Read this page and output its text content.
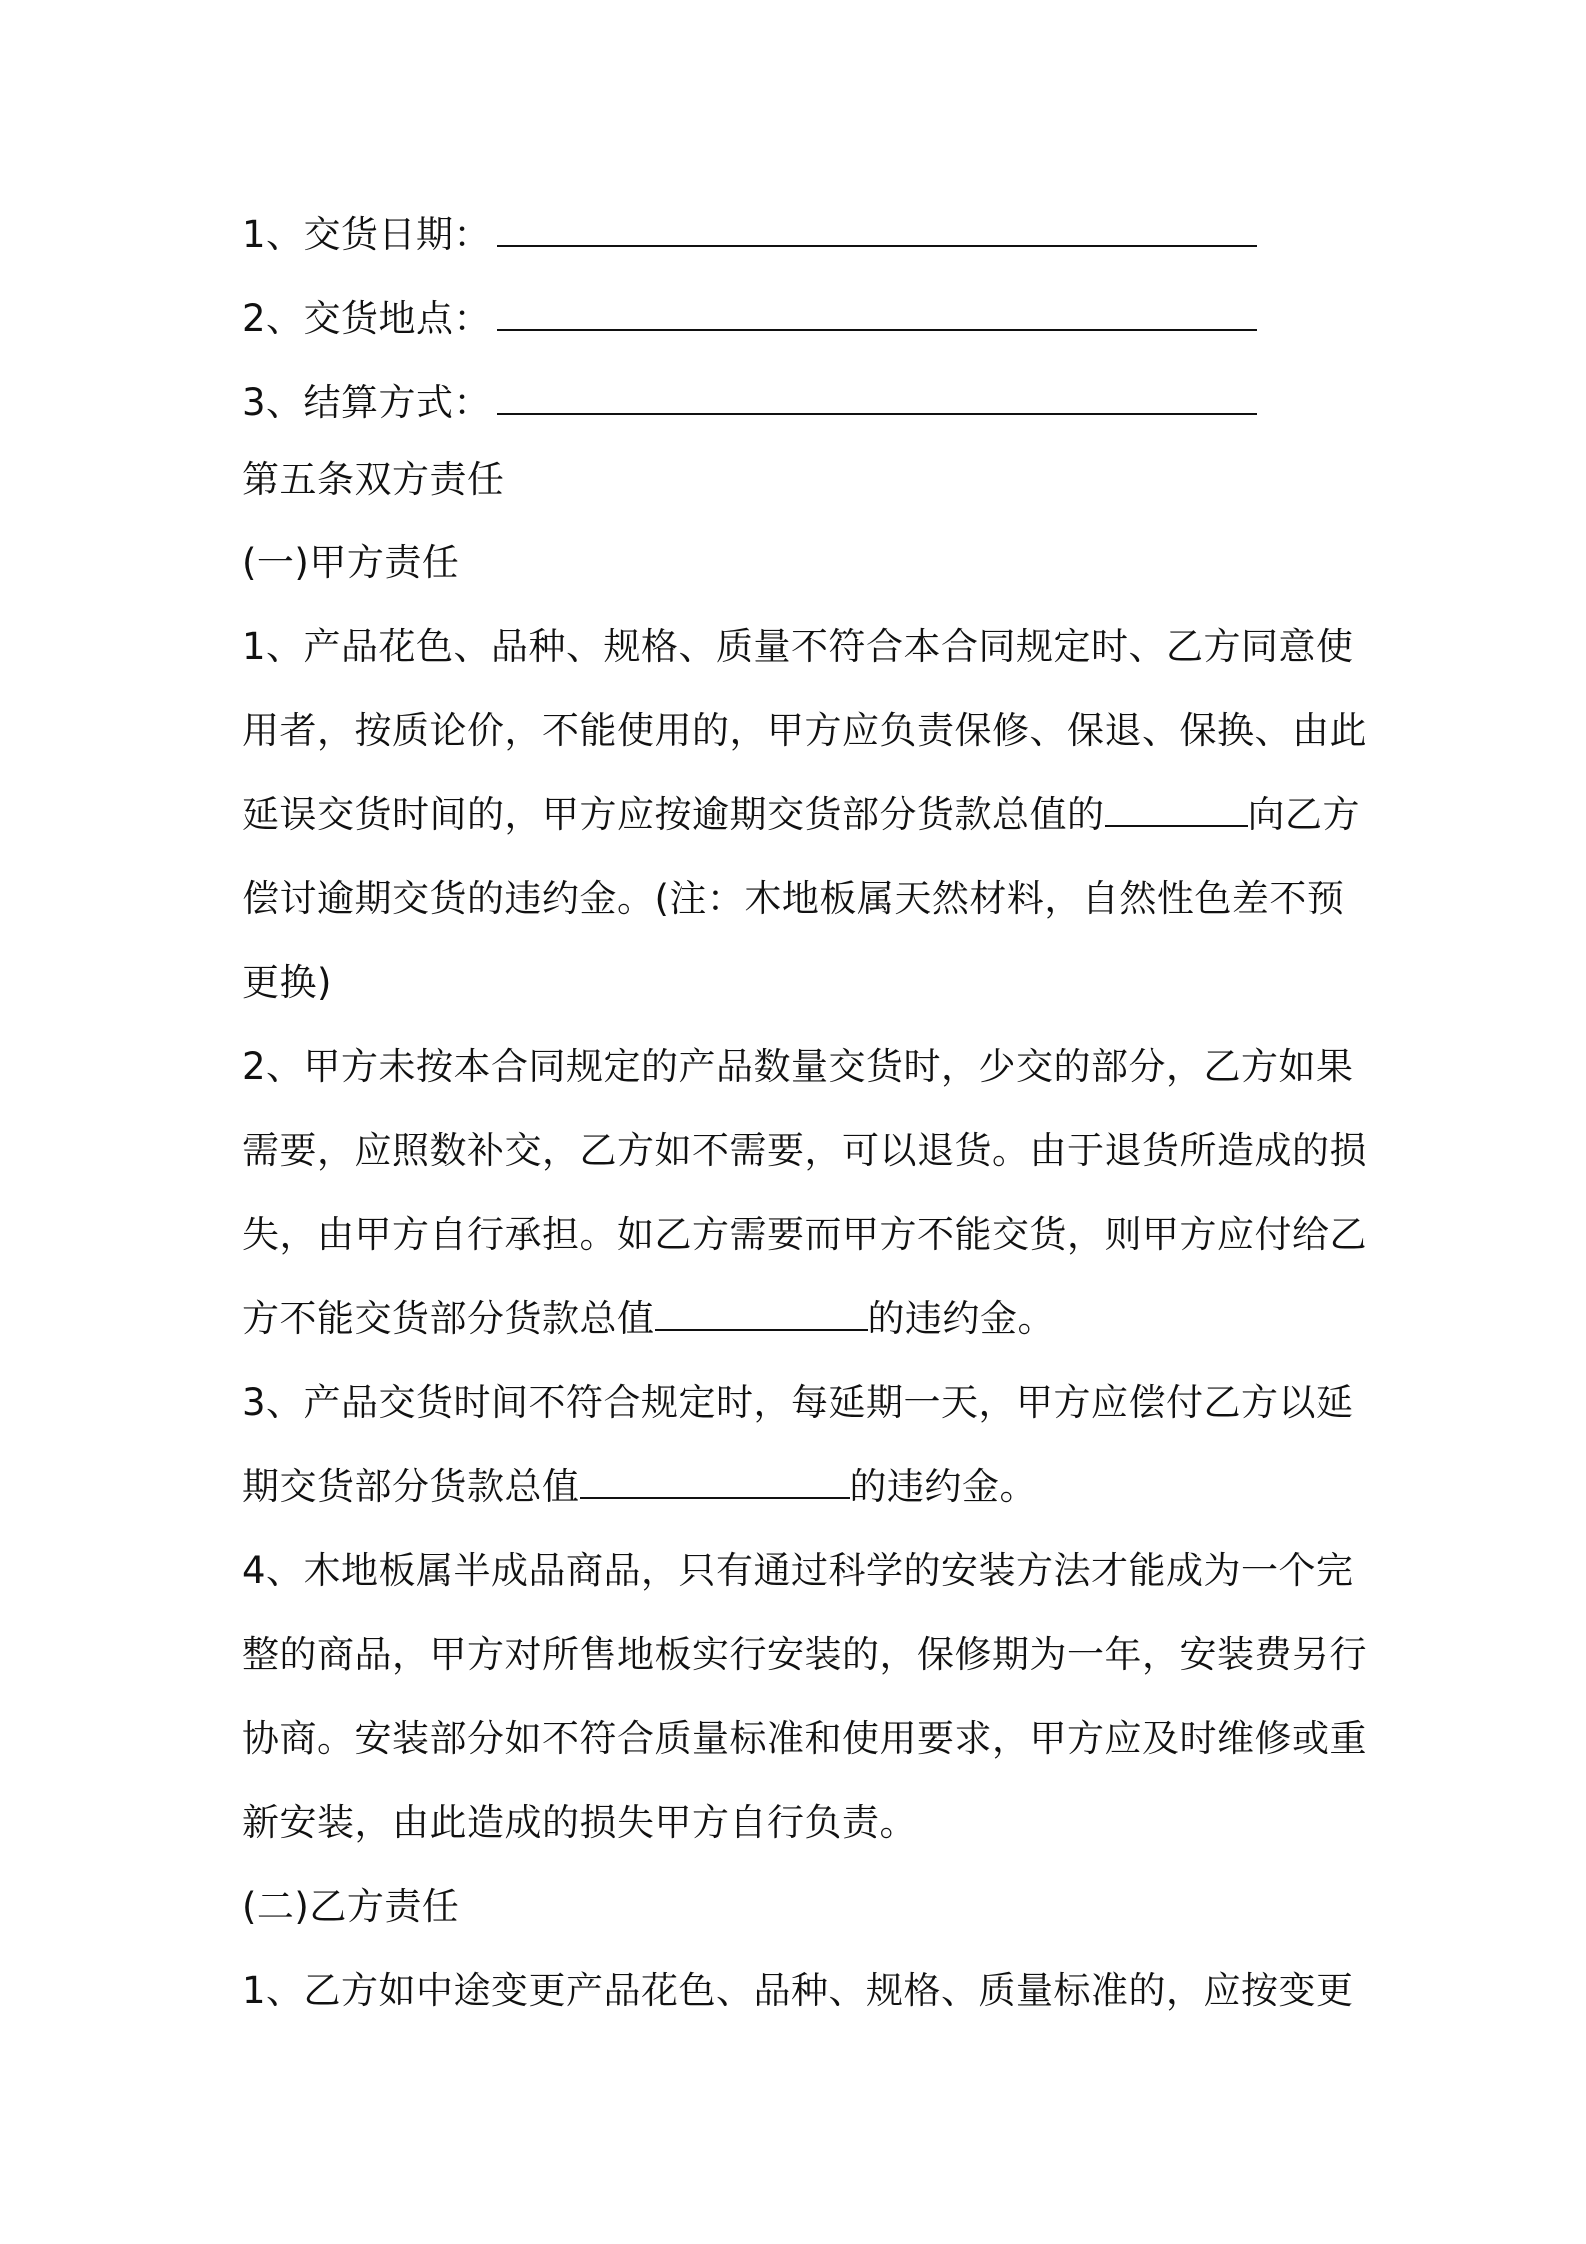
1、交货日期：
2、交货地点：
3、结算方式：
第五条双方责任
(一)甲方责任
1、产品花色、品种、规格、质量不符合本合同规定时、乙方同意使
用者，按质论价，不能使用的，甲方应负责保修、保退、保换、由此
延误交货时间的，甲方应按逾期交货部分货款总值的	向乙方
偿讨逾期交货的违约金。(注：木地板属天然材料，自然性色差不预
更换)
2、甲方未按本合同规定的产品数量交货时，少交的部分，乙方如果
需要，应照数补交，乙方如不需要，可以退货。由于退货所造成的损
失，由甲方自行承担。如乙方需要而甲方不能交货，则甲方应付给乙
方不能交货部分货款总值	的违约金。
3、产品交货时间不符合规定时，每延期一天，甲方应偿付乙方以延
期交货部分货款总值	的违约金。
4、木地板属半成品商品，只有通过科学的安装方法才能成为一个完
整的商品，甲方对所售地板实行安装的，保修期为一年，安装费另行
协商。安装部分如不符合质量标准和使用要求，甲方应及时维修或重
新安装，由此造成的损失甲方自行负责。
(二)乙方责任
1、乙方如中途变更产品花色、品种、规格、质量标准的，应按变更
